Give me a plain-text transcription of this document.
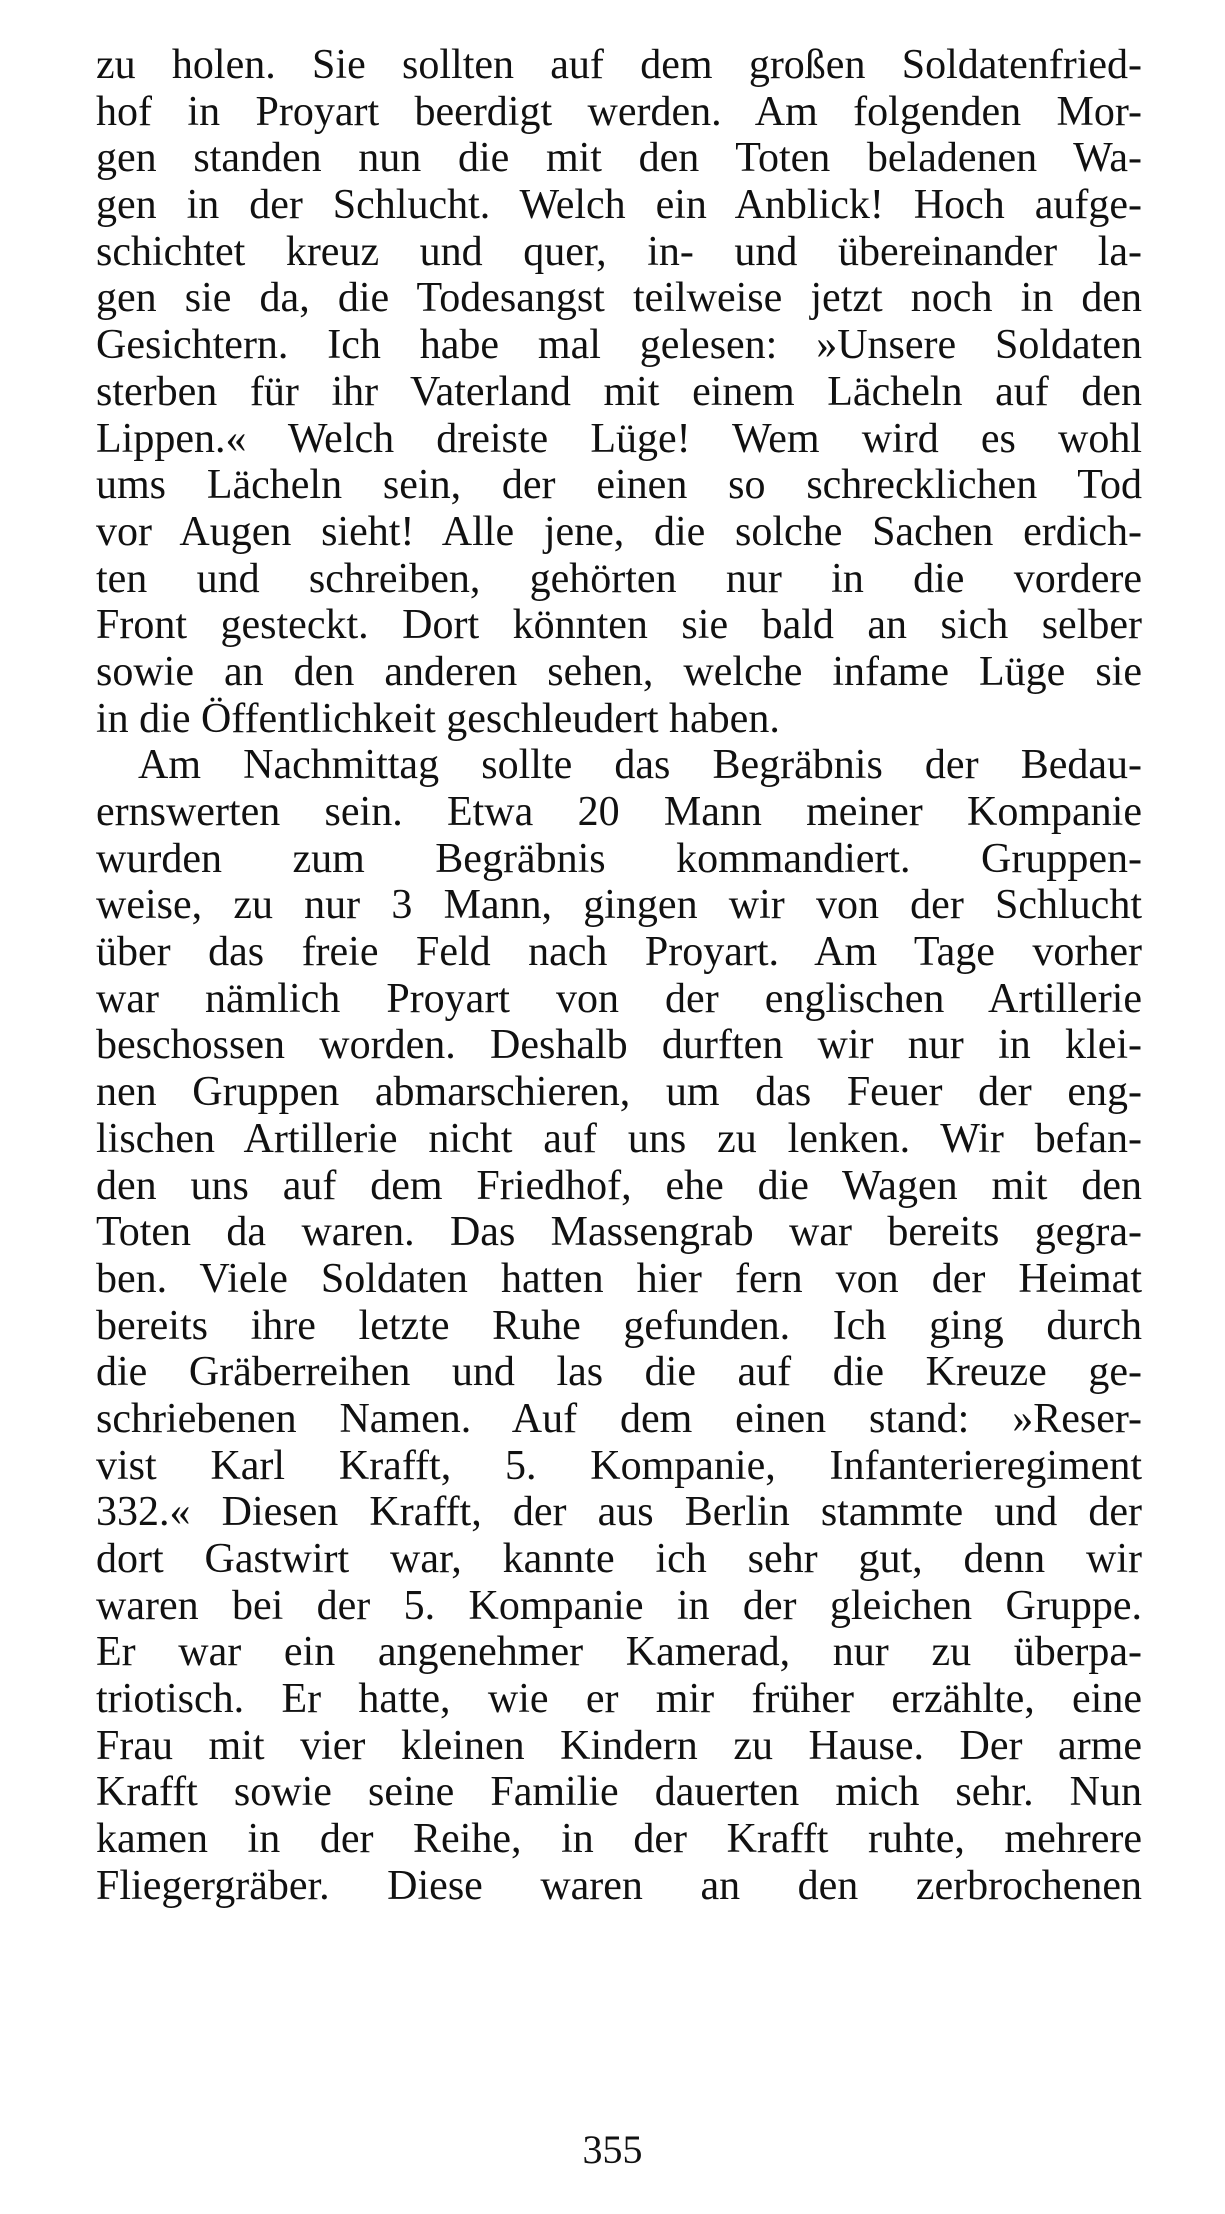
zu holen. Sie sollten auf dem großen Soldatenfried-
hof in Proyart beerdigt werden. Am folgenden Mor-
gen standen nun die mit den Toten beladenen Wa-
gen in der Schlucht. Welch ein Anblick! Hoch aufge-
schichtet kreuz und quer, in- und übereinander la-
gen sie da, die Todesangst teilweise jetzt noch in den
Gesichtern. Ich habe mal gelesen: »Unsere Soldaten
sterben für ihr Vaterland mit einem Lächeln auf den
Lippen.« Welch dreiste Lüge! Wem wird es wohl
ums Lächeln sein, der einen so schrecklichen Tod
vor Augen sieht! Alle jene, die solche Sachen erdich-
ten und schreiben, gehörten nur in die vordere
Front gesteckt. Dort könnten sie bald an sich selber
sowie an den anderen sehen, welche infame Lüge sie
in die Öffentlichkeit geschleudert haben.
Am Nachmittag sollte das Begräbnis der Bedau-
ernswerten sein. Etwa 20 Mann meiner Kompanie
wurden zum Begräbnis kommandiert. Gruppen-
weise, zu nur 3 Mann, gingen wir von der Schlucht
über das freie Feld nach Proyart. Am Tage vorher
war nämlich Proyart von der englischen Artillerie
beschossen worden. Deshalb durften wir nur in klei-
nen Gruppen abmarschieren, um das Feuer der eng-
lischen Artillerie nicht auf uns zu lenken. Wir befan-
den uns auf dem Friedhof, ehe die Wagen mit den
Toten da waren. Das Massengrab war bereits gegra-
ben. Viele Soldaten hatten hier fern von der Heimat
bereits ihre letzte Ruhe gefunden. Ich ging durch
die Gräberreihen und las die auf die Kreuze ge-
schriebenen Namen. Auf dem einen stand: »Reser-
vist Karl Krafft, 5. Kompanie, Infanterieregiment
332.« Diesen Krafft, der aus Berlin stammte und der
dort Gastwirt war, kannte ich sehr gut, denn wir
waren bei der 5. Kompanie in der gleichen Gruppe.
Er war ein angenehmer Kamerad, nur zu überpa-
triotisch. Er hatte, wie er mir früher erzählte, eine
Frau mit vier kleinen Kindern zu Hause. Der arme
Krafft sowie seine Familie dauerten mich sehr. Nun
kamen in der Reihe, in der Krafft ruhte, mehrere
Fliegergräber. Diese waren an den zerbrochenen
355
